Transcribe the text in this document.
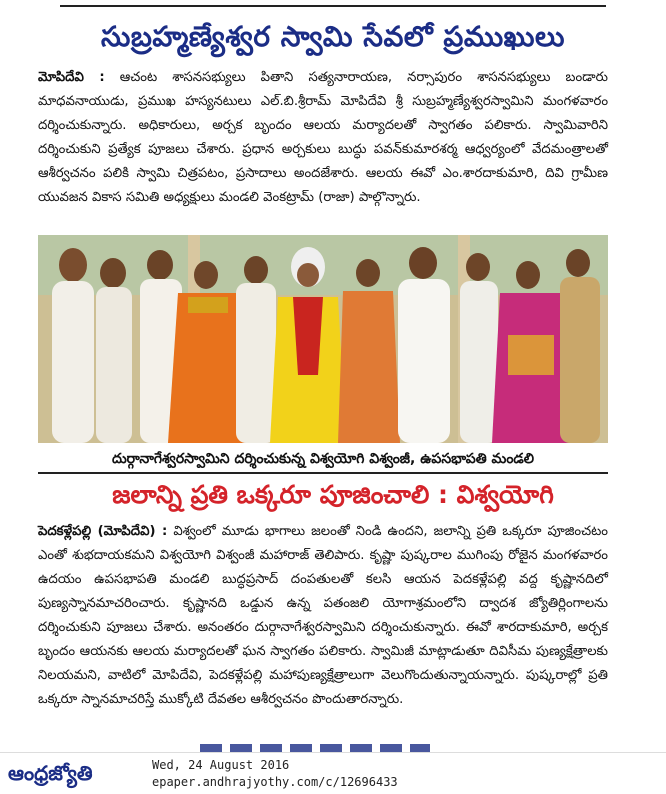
సుబ్రహ్మణ్యేశ్వర స్వామి సేవలో ప్రముఖులు
మోపిదేవి : ఆచంట శాసనసభ్యులు పితాని సత్యనారాయణ, నర్సాపురం శాసనసభ్యులు బండారు మాధవనాయుడు, ప్రముఖ హస్యనటులు ఎల్.బి.శ్రీరామ్ మోపిదేవి శ్రీ సుబ్రహ్మణ్యేశ్వరస్వామిని మంగళవారం దర్శించుకున్నారు. అధికారులు, అర్చక బృందం ఆలయ మర్యాదలతో స్వాగతం పలికారు. స్వామివారిని దర్శించుకుని ప్రత్యేక పూజలు చేశారు. ప్రధాన అర్చకులు బుద్ధు పవన్‌కుమారశర్మ ఆధ్వర్యంలో వేదమంత్రాలతో ఆశీర్వచనం పలికి స్వామి చిత్రపటం, ప్రసాదాలు అందజేశారు. ఆలయ ఈవో ఎం.శారదాకుమారి, దివి గ్రామీణ యువజన వికాస సమితి అధ్యక్షులు మండలి వెంకట్రామ్ (రాజా) పాల్గొన్నారు.
దుర్గానాగేశ్వరస్వామిని దర్శించుకున్న విశ్వయోగి విశ్వంజీ, ఉపసభాపతి మండలి
జలాన్ని ప్రతి ఒక్కరూ పూజించాలి : విశ్వయోగి
పెదకళ్లేపల్లి (మోపిదేవి) : విశ్వంలో మూడు భాగాలు జలంతో నిండి ఉందని, జలాన్ని ప్రతి ఒక్కరూ పూజించటం ఎంతో శుభదాయకమని విశ్వయోగి విశ్వంజీ మహారాజ్ తెలిపారు. కృష్ణా పుష్కరాల ముగింపు రోజైన మంగళవారం ఉదయం ఉపసభాపతి మండలి బుద్ధప్రసాద్ దంపతులతో కలసి ఆయన పెదకళ్లేపల్లి వద్ద కృష్ణానదిలో పుణ్యస్నానమాచరించారు. కృష్ణానది ఒడ్డున ఉన్న పతంజలి యోగాశ్రమంలోని ద్వాదశ జ్యోతిర్లింగాలను దర్శించుకుని పూజలు చేశారు. అనంతరం దుర్గానాగేశ్వరస్వామిని దర్శించుకున్నారు. ఈవో శారదాకుమారి, అర్చక బృందం ఆయనకు ఆలయ మర్యాదలతో ఘన స్వాగతం పలికారు. స్వామిజీ మాట్లాడుతూ దివిసీమ పుణ్యక్షేత్రాలకు నిలయమని, వాటిలో మోపిదేవి, పెదకళ్లేపల్లి మహాపుణ్యక్షేత్రాలుగా వెలుగొందుతున్నాయన్నారు. పుష్కరాల్లో ప్రతి ఒక్కరూ స్నానమాచరిస్తే ముక్కోటి దేవతల ఆశీర్వచనం పొందుతారన్నారు.
ఆంధ్రజ్యోతి	Wed, 24 August 2016
epaper.andhrajyothy.com/c/12696433
